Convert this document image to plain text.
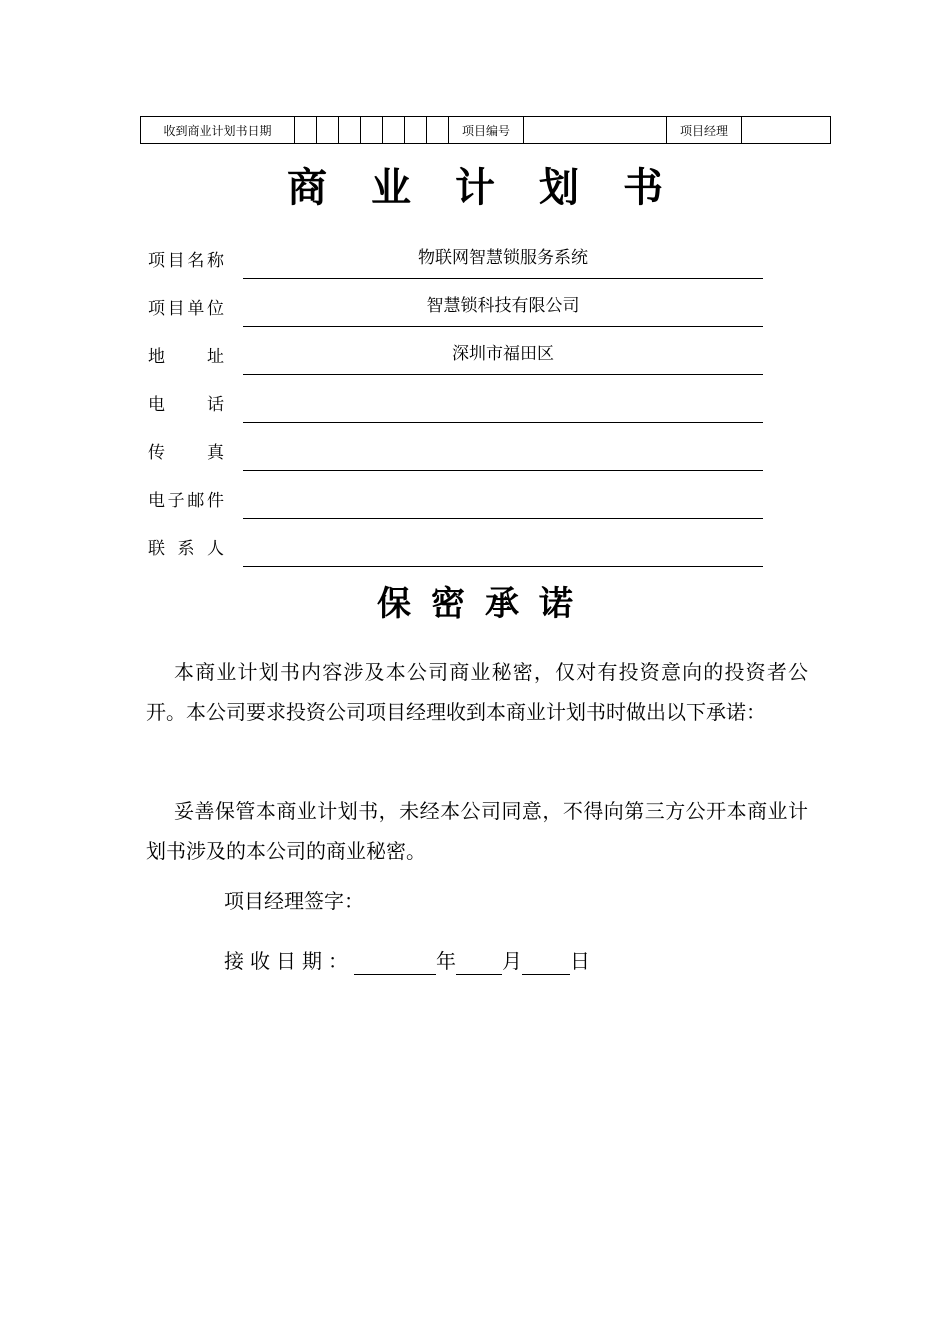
收到商业计划书日期								项目编号		项目经理	
商业计划书
项 目 名 称	物联网智慧锁服务系统
项 目 单 位	智慧锁科技有限公司
地 址	深圳市福田区
电 话
传 真
电 子 邮 件
联 系 人
保密承诺

本商业计划书内容涉及本公司商业秘密，仅对有投资意向的投资者公开。本公司要求投资公司项目经理收到本商业计划书时做出以下承诺：

妥善保管本商业计划书，未经本公司同意，不得向第三方公开本商业计划书涉及的本公司的商业秘密。

项目经理签字：
接收日期：	年 月 日
